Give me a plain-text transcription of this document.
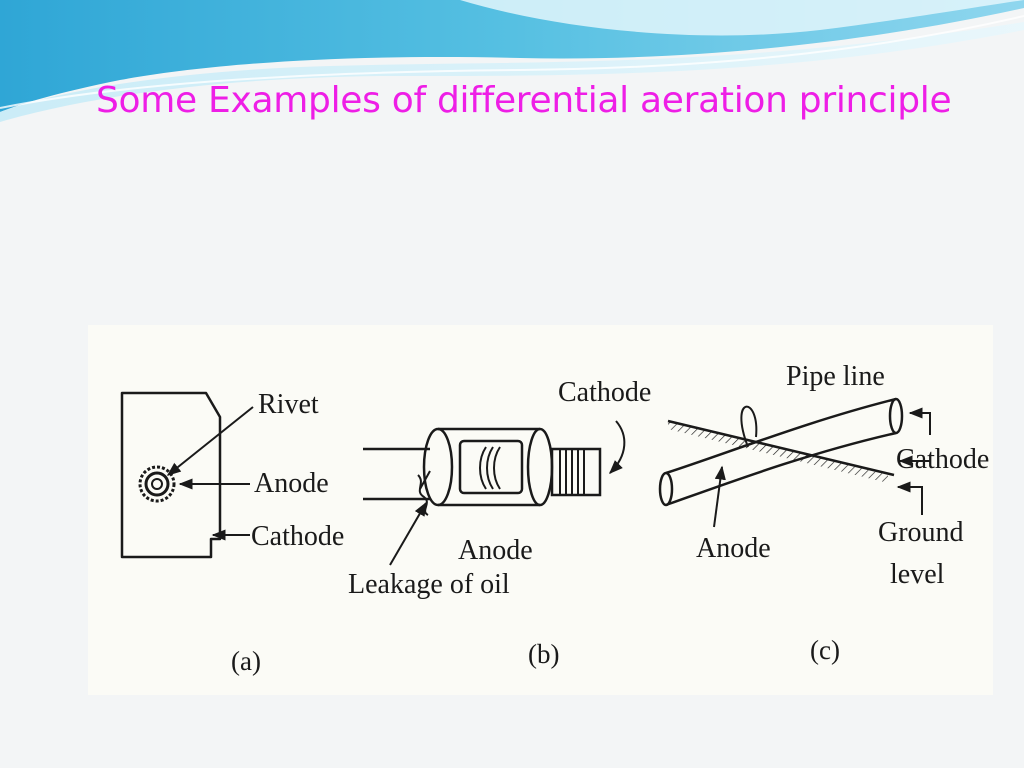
Some Examples of differential aeration principle
Rivet
Anode
Cathode
(a)
Cathode
Anode
Leakage of oil
(b)
Pipe line
Cathode
Anode
Ground
level
(c)
